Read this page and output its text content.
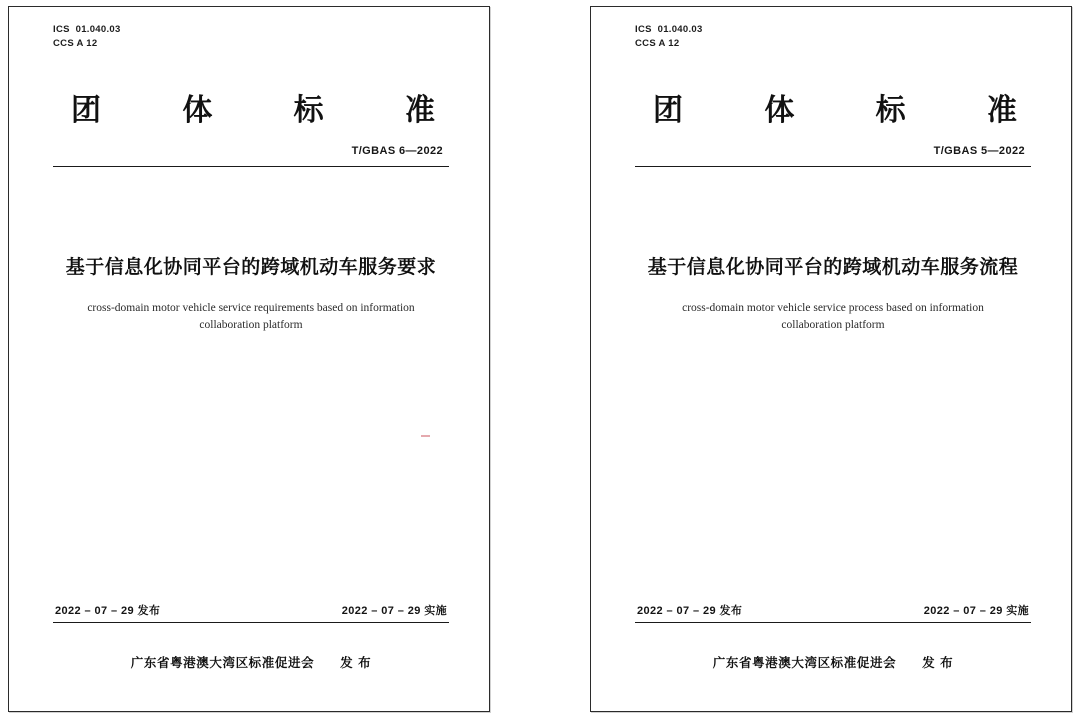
ICS  01.040.03
CCS A 12
团	体	标	准
T/GBAS 6—2022
基于信息化协同平台的跨域机动车服务要求
cross-domain motor vehicle service requirements based on information collaboration platform
2022 – 07 – 29 发布	2022 – 07 – 29 实施
广东省粤港澳大湾区标准促进会 发 布
ICS  01.040.03
CCS A 12
团	体	标	准
T/GBAS 5—2022
基于信息化协同平台的跨域机动车服务流程
cross-domain motor vehicle service process based on information collaboration platform
2022 – 07 – 29 发布	2022 – 07 – 29 实施
广东省粤港澳大湾区标准促进会 发 布
